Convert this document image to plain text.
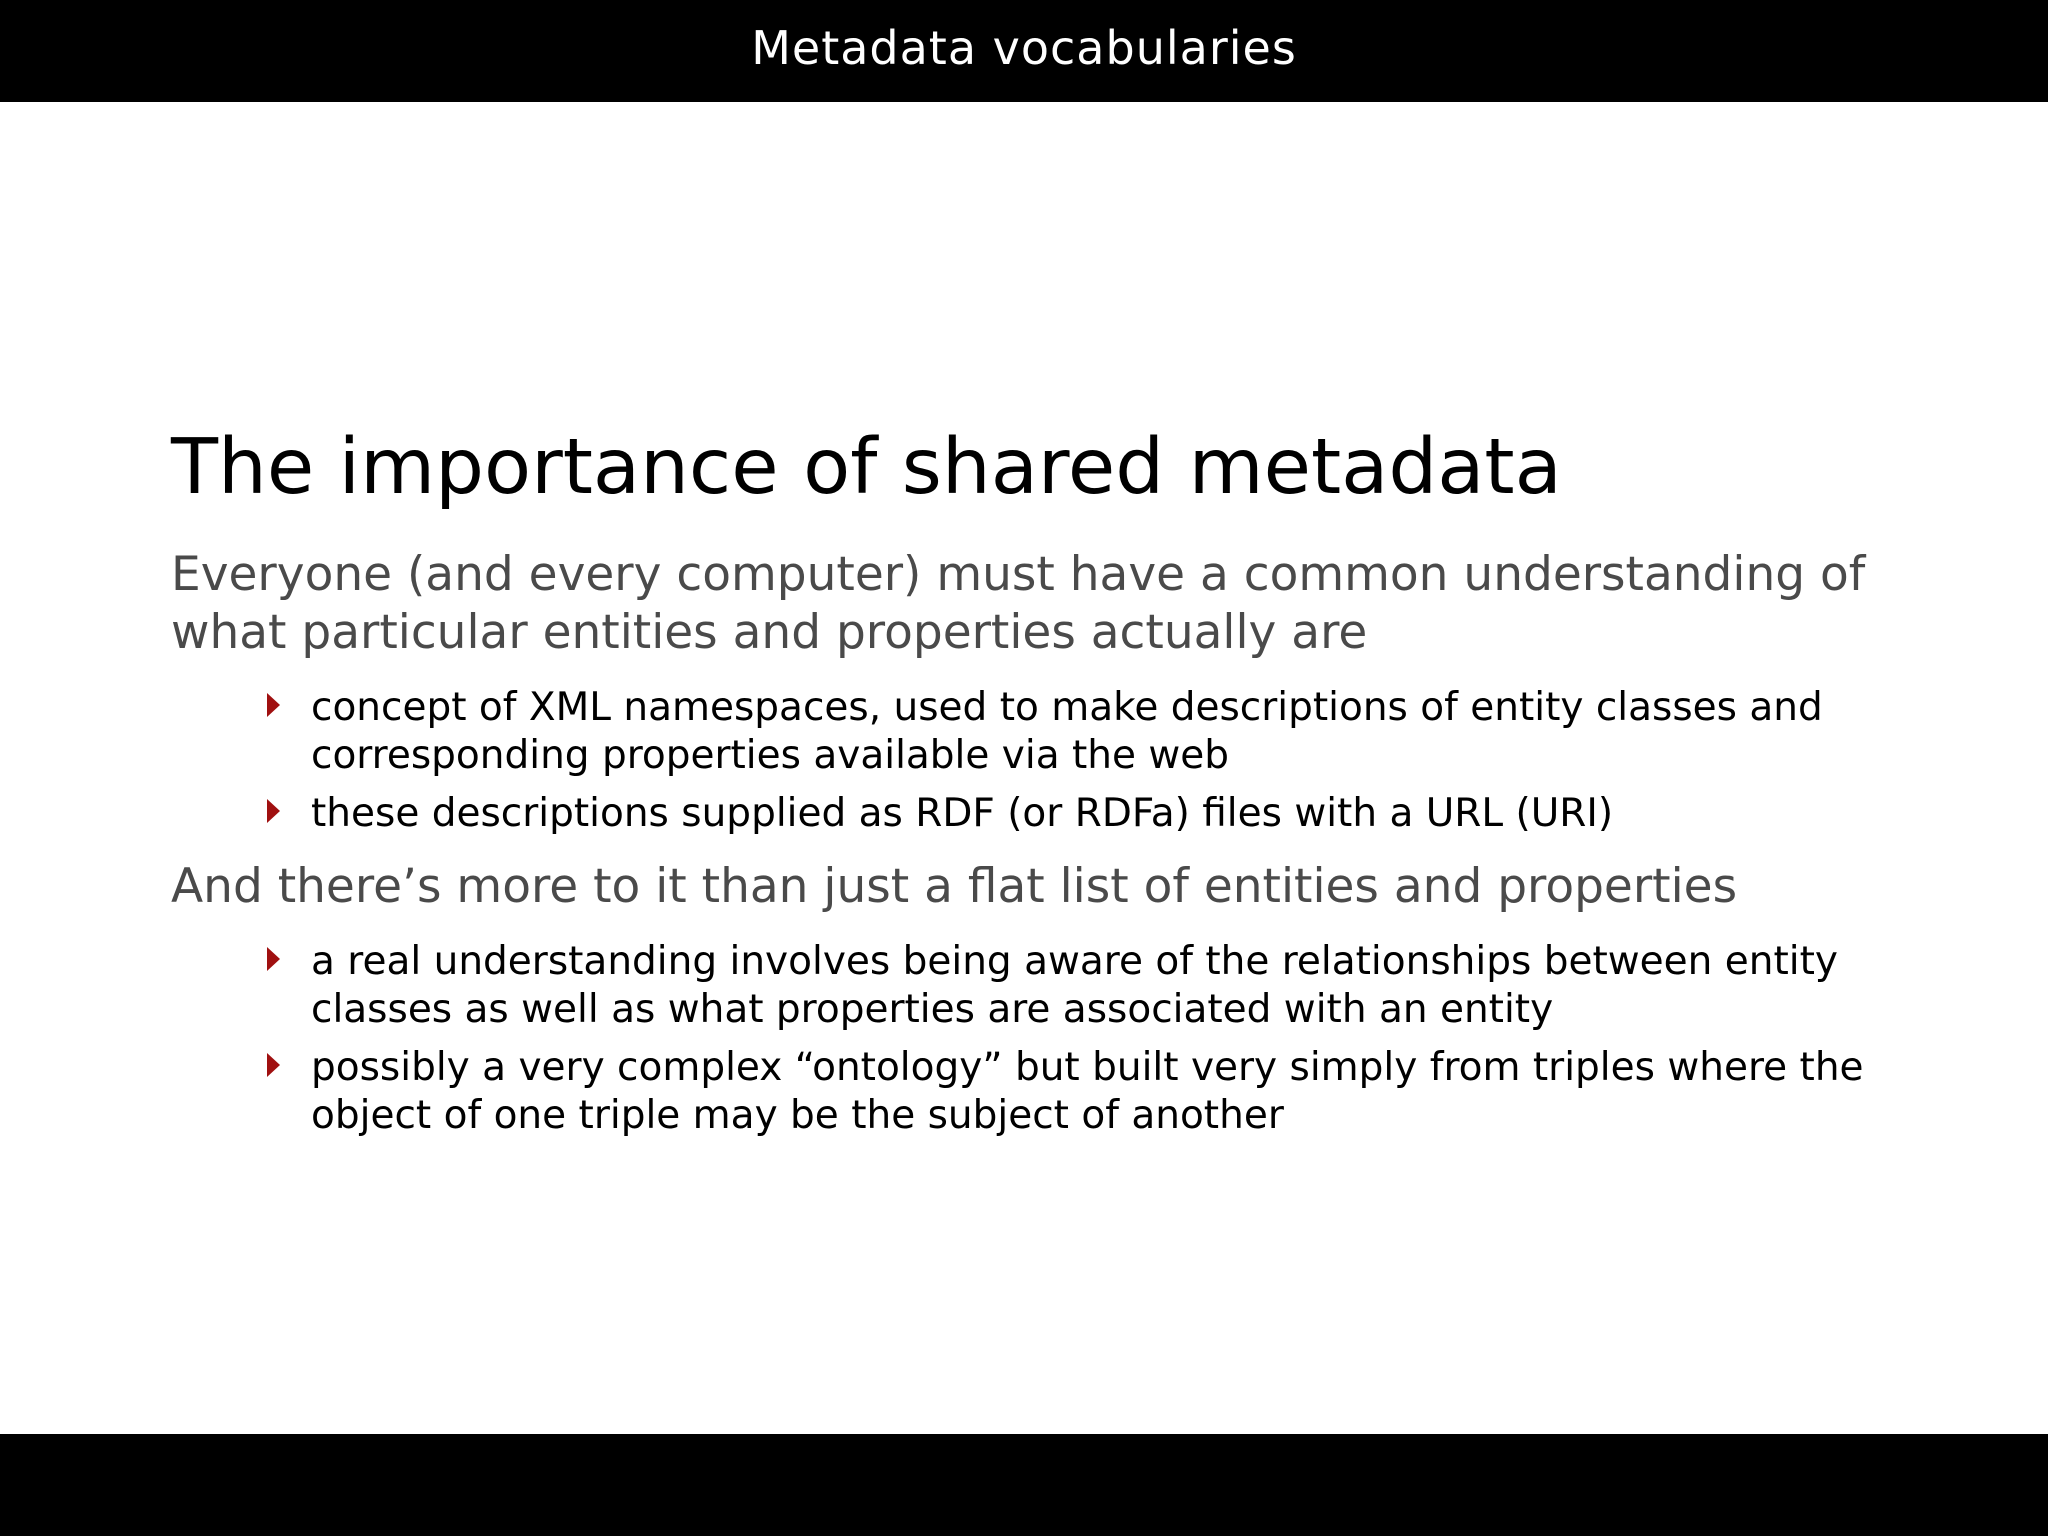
Metadata vocabularies
The importance of shared metadata

Everyone (and every computer) must have a common understanding of what particular entities and properties actually are

concept of XML namespaces, used to make descriptions of entity classes and corresponding properties available via the web
these descriptions supplied as RDF (or RDFa) files with a URL (URI)

And there’s more to it than just a flat list of entities and properties

a real understanding involves being aware of the relationships between entity classes as well as what properties are associated with an entity
possibly a very complex “ontology” but built very simply from triples where the object of one triple may be the subject of another
